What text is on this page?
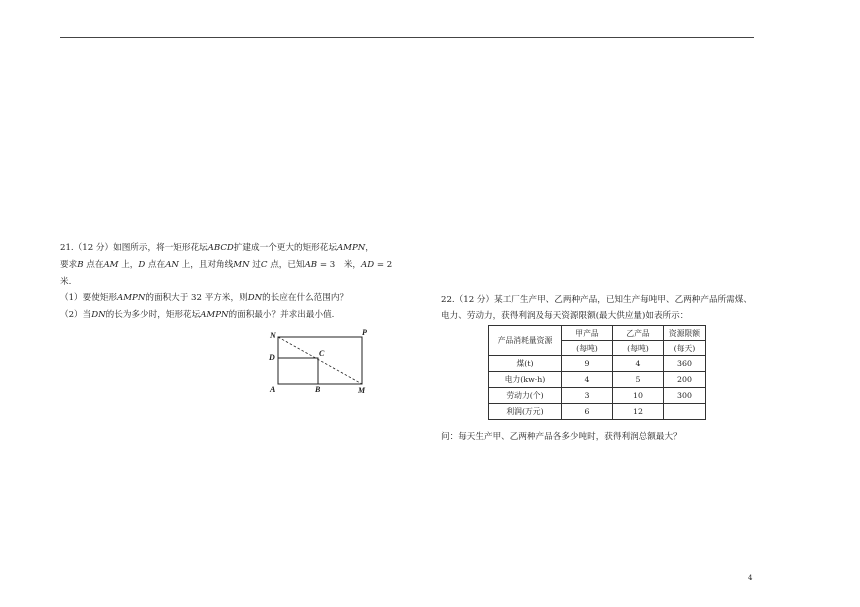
21.（12 分）如图所示，将一矩形花坛ABCD扩建成一个更大的矩形花坛AMPN，
要求B 点在AM 上，D 点在AN 上，且对角线MN 过C 点，已知AB = 3　米，AD = 2
米.
（1）要使矩形AMPN的面积大于 32 平方米，则DN的长应在什么范围内？
（2）当DN的长为多少时，矩形花坛AMPN的面积最小？并求出最小值.
N	P
D	C
A	B	M
22.（12 分）某工厂生产甲、乙两种产品，已知生产每吨甲、乙两种产品所需煤、
电力、劳动力，获得利润及每天资源限额(最大供应量)如表所示：
产品消耗量资源	甲产品	乙产品	资源限额
	(每吨)	(每吨)	(每天)
煤(t)	9	4	360
电力(kw·h)	4	5	200
劳动力(个)	3	10	300
利润(万元)	6	12	
问：每天生产甲、乙两种产品各多少吨时，获得利润总额最大？
4
